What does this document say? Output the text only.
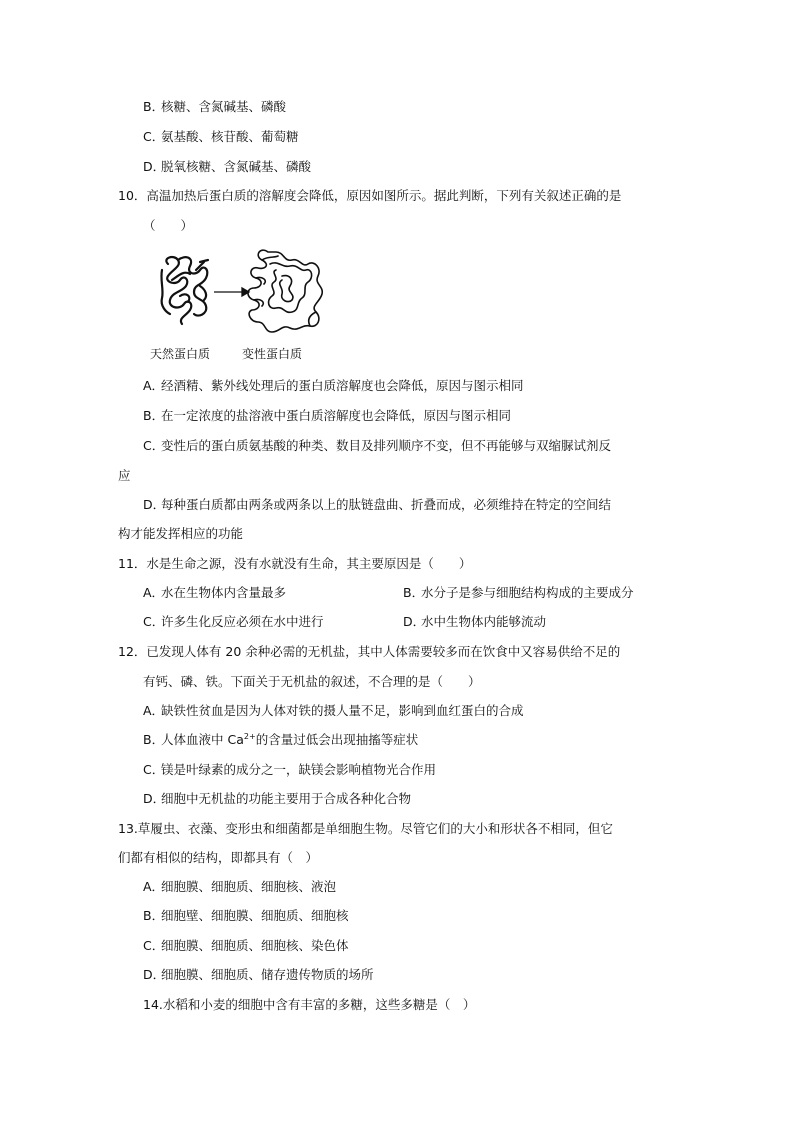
B．核糖、含氮碱基、磷酸
C．氨基酸、核苷酸、葡萄糖
D．脱氧核糖、含氮碱基、磷酸
10．高温加热后蛋白质的溶解度会降低，原因如图所示。据此判断，下列有关叙述正确的是
（　　）
天然蛋白质	变性蛋白质
A．经酒精、紫外线处理后的蛋白质溶解度也会降低，原因与图示相同
B．在一定浓度的盐溶液中蛋白质溶解度也会降低，原因与图示相同
C．变性后的蛋白质氨基酸的种类、数目及排列顺序不变，但不再能够与双缩脲试剂反
应
D．每种蛋白质都由两条或两条以上的肽链盘曲、折叠而成，必须维持在特定的空间结
构才能发挥相应的功能
11．水是生命之源，没有水就没有生命，其主要原因是（　　）
A．水在生物体内含量最多	B．水分子是参与细胞结构构成的主要成分
C．许多生化反应必须在水中进行	D．水中生物体内能够流动
12．已发现人体有 20 余种必需的无机盐，其中人体需要较多而在饮食中又容易供给不足的
有钙、磷、铁。下面关于无机盐的叙述，不合理的是（　　）
A．缺铁性贫血是因为人体对铁的摄人量不足，影响到血红蛋白的合成
B．人体血液中 $Ca^{2+}$的含量过低会出现抽搐等症状
C．镁是叶绿素的成分之一，缺镁会影响植物光合作用
D．细胞中无机盐的功能主要用于合成各种化合物
13.草履虫、衣藻、变形虫和细菌都是单细胞生物。尽管它们的大小和形状各不相同，但它
们都有相似的结构，即都具有（　）
A．细胞膜、细胞质、细胞核、液泡
B．细胞壁、细胞膜、细胞质、细胞核
C．细胞膜、细胞质、细胞核、染色体
D．细胞膜、细胞质、储存遗传物质的场所
14.水稻和小麦的细胞中含有丰富的多糖，这些多糖是（　）
